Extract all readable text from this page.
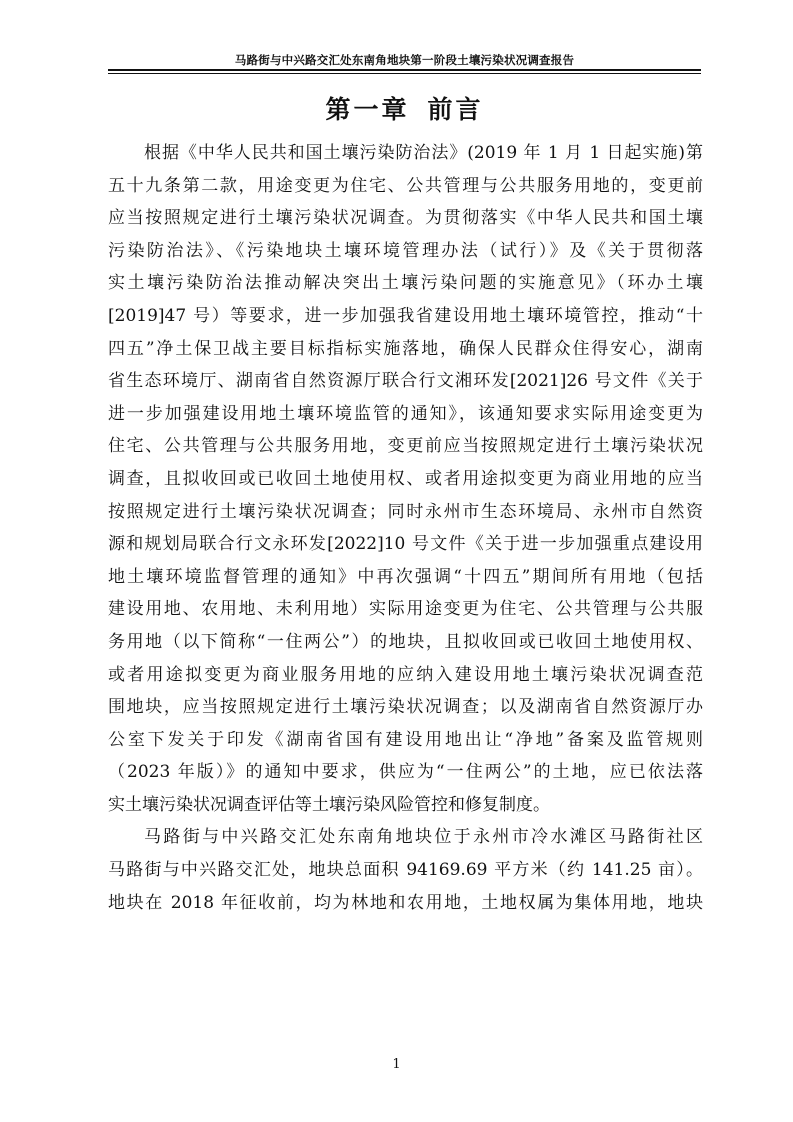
马路街与中兴路交汇处东南角地块第一阶段土壤污染状况调查报告
第一章 前言
根据《中华人民共和国土壤污染防治法》(2019 年 1 月 1 日起实施)第
五十九条第二款，用途变更为住宅、公共管理与公共服务用地的，变更前
应当按照规定进行土壤污染状况调查。为贯彻落实《中华人民共和国土壤
污染防治法》、《污染地块土壤环境管理办法（试行）》及《关于贯彻落
实土壤污染防治法推动解决突出土壤污染问题的实施意见》（环办土壤
[2019]47 号）等要求，进一步加强我省建设用地土壤环境管控，推动“十
四五”净土保卫战主要目标指标实施落地，确保人民群众住得安心，湖南
省生态环境厅、湖南省自然资源厅联合行文湘环发[2021]26 号文件《关于
进一步加强建设用地土壤环境监管的通知》，该通知要求实际用途变更为
住宅、公共管理与公共服务用地，变更前应当按照规定进行土壤污染状况
调查，且拟收回或已收回土地使用权、或者用途拟变更为商业用地的应当
按照规定进行土壤污染状况调查；同时永州市生态环境局、永州市自然资
源和规划局联合行文永环发[2022]10 号文件《关于进一步加强重点建设用
地土壤环境监督管理的通知》中再次强调“十四五”期间所有用地（包括
建设用地、农用地、未利用地）实际用途变更为住宅、公共管理与公共服
务用地（以下简称“一住两公”）的地块，且拟收回或已收回土地使用权、
或者用途拟变更为商业服务用地的应纳入建设用地土壤污染状况调查范
围地块，应当按照规定进行土壤污染状况调查；以及湖南省自然资源厅办
公室下发关于印发《湖南省国有建设用地出让“净地”备案及监管规则
（2023 年版）》的通知中要求，供应为“一住两公”的土地，应已依法落
实土壤污染状况调查评估等土壤污染风险管控和修复制度。
马路街与中兴路交汇处东南角地块位于永州市冷水滩区马路街社区
马路街与中兴路交汇处，地块总面积 94169.69 平方米（约 141.25 亩）。
地块在 2018 年征收前，均为林地和农用地，土地权属为集体用地，地块
1
